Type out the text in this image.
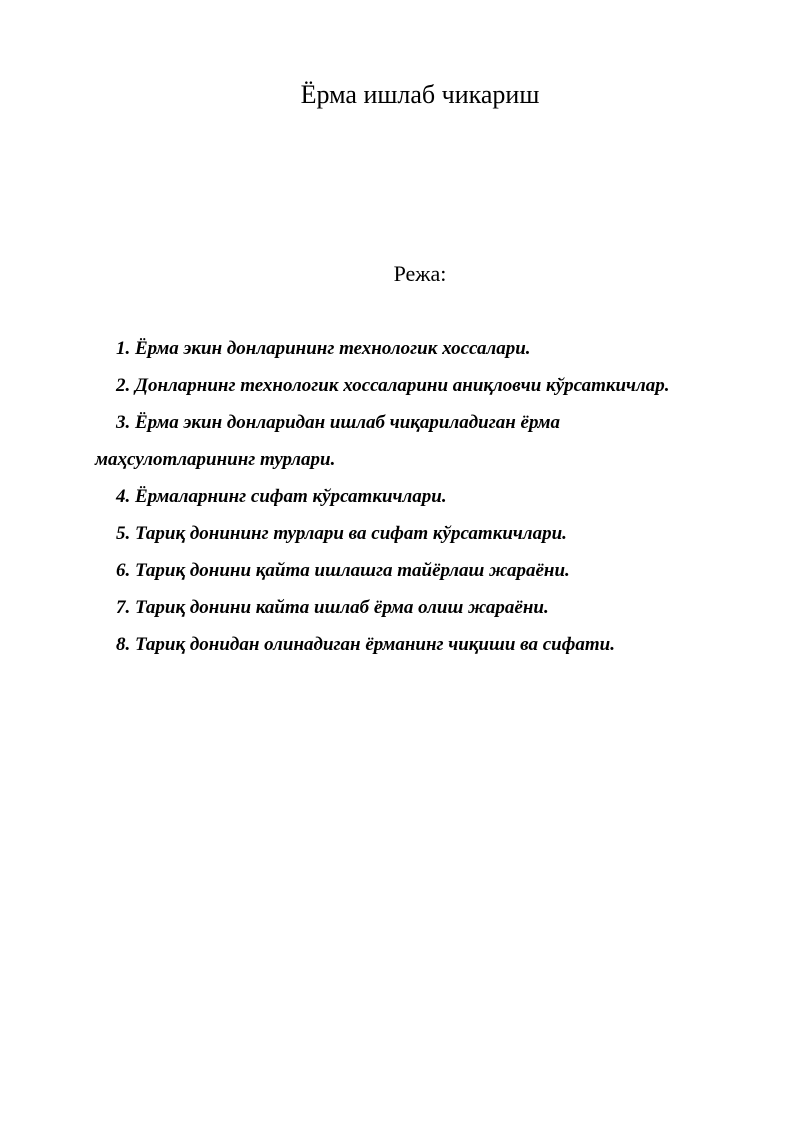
Ёрма ишлаб чикариш

Режа:

1. Ёрма экин донларининг технологик хоссалари.
2. Донларнинг технологик хоссаларини аниқловчи кўрсаткичлар.
3. Ёрма экин донларидан ишлаб чиқариладиган ёрма маҳсулотларининг турлари.
4. Ёрмаларнинг сифат кўрсаткичлари.
5. Тариқ донининг турлари ва сифат кўрсаткичлари.
6. Тариқ донини қайта ишлашга тайёрлаш жараёни.
7. Тариқ донини кайта ишлаб ёрма олиш жараёни.
8. Тариқ донидан олинадиган ёрманинг чиқиши ва сифати.
